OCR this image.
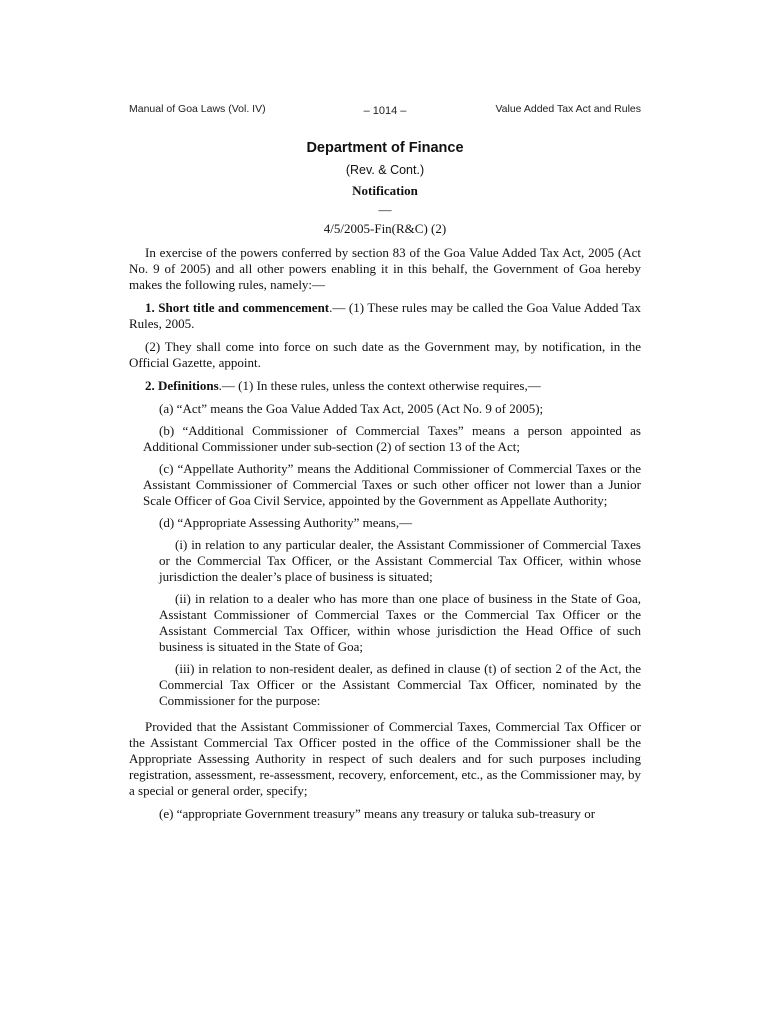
Manual of Goa Laws (Vol. IV)	– 1014 –	Value Added Tax Act and Rules
Department of Finance
(Rev. & Cont.)
Notification
—
4/5/2005-Fin(R&C) (2)

In exercise of the powers conferred by section 83 of the Goa Value Added Tax Act, 2005 (Act No. 9 of 2005) and all other powers enabling it in this behalf, the Government of Goa hereby makes the following rules, namely:—

1. Short title and commencement.— (1) These rules may be called the Goa Value Added Tax Rules, 2005.

(2) They shall come into force on such date as the Government may, by notification, in the Official Gazette, appoint.

2. Definitions.— (1) In these rules, unless the context otherwise requires,—

(a) “Act” means the Goa Value Added Tax Act, 2005 (Act No. 9 of 2005);

(b) “Additional Commissioner of Commercial Taxes” means a person appointed as Additional Commissioner under sub-section (2) of section 13 of the Act;

(c) “Appellate Authority” means the Additional Commissioner of Commercial Taxes or the Assistant Commissioner of Commercial Taxes or such other officer not lower than a Junior Scale Officer of Goa Civil Service, appointed by the Government as Appellate Authority;

(d) “Appropriate Assessing Authority” means,—

(i) in relation to any particular dealer, the Assistant Commissioner of Commercial Taxes or the Commercial Tax Officer, or the Assistant Commercial Tax Officer, within whose jurisdiction the dealer’s place of business is situated;

(ii) in relation to a dealer who has more than one place of business in the State of Goa, Assistant Commissioner of Commercial Taxes or the Commercial Tax Officer or the Assistant Commercial Tax Officer, within whose jurisdiction the Head Office of such business is situated in the State of Goa;

(iii) in relation to non-resident dealer, as defined in clause (t) of section 2 of the Act, the Commercial Tax Officer or the Assistant Commercial Tax Officer, nominated by the Commissioner for the purpose:

Provided that the Assistant Commissioner of Commercial Taxes, Commercial Tax Officer or the Assistant Commercial Tax Officer posted in the office of the Commissioner shall be the Appropriate Assessing Authority in respect of such dealers and for such purposes including registration, assessment, re-assessment, recovery, enforcement, etc., as the Commissioner may, by a special or general order, specify;

(e) “appropriate Government treasury” means any treasury or taluka sub-treasury or
